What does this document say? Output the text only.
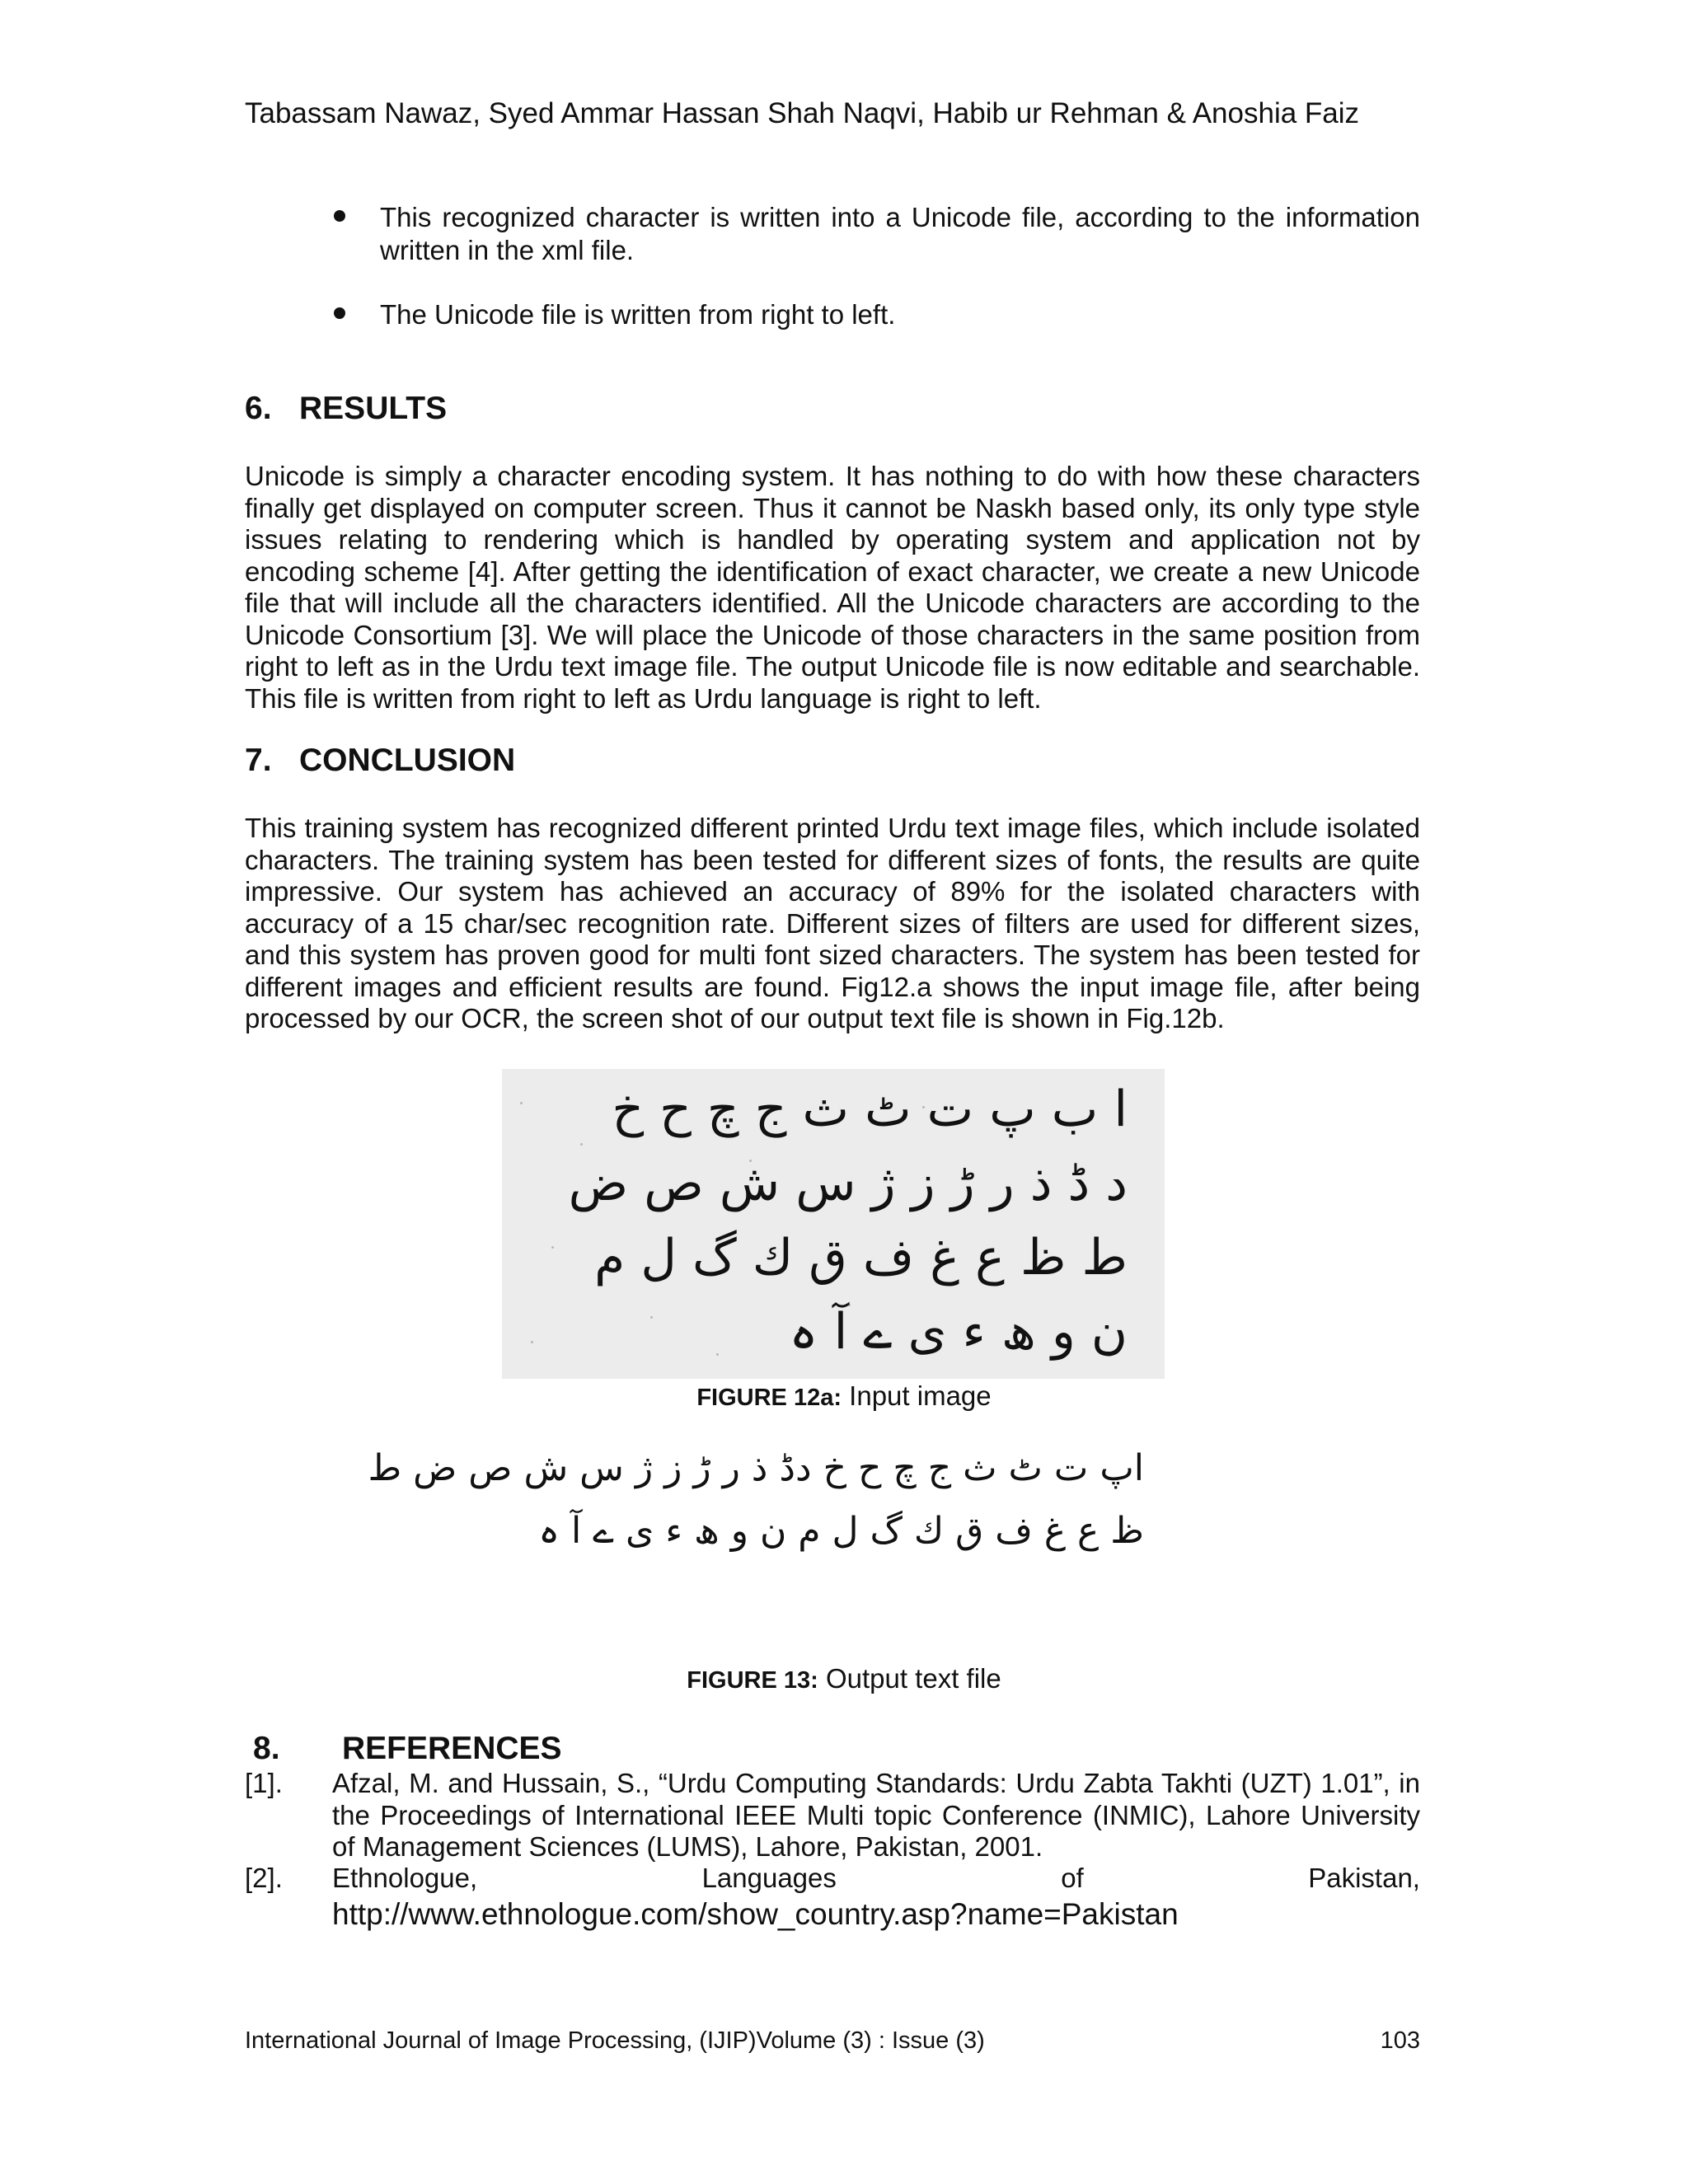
Tabassam Nawaz, Syed Ammar Hassan Shah Naqvi, Habib ur Rehman & Anoshia Faiz
This recognized character is written into a Unicode file, according to the information written in the xml file.
The Unicode file is written from right to left.
6. RESULTS
Unicode is simply a character encoding system. It has nothing to do with how these characters finally get displayed on computer screen. Thus it cannot be Naskh based only, its only type style issues relating to rendering which is handled by operating system and application not by encoding scheme [4]. After getting the identification of exact character, we create a new Unicode file that will include all the characters identified. All the Unicode characters are according to the Unicode Consortium [3]. We will place the Unicode of those characters in the same position from right to left as in the Urdu text image file. The output Unicode file is now editable and searchable. This file is written from right to left as Urdu language is right to left.
7. CONCLUSION
This training system has recognized different printed Urdu text image files, which include isolated characters. The training system has been tested for different sizes of fonts, the results are quite impressive. Our system has achieved an accuracy of 89% for the isolated characters with accuracy of a 15 char/sec recognition rate. Different sizes of filters are used for different sizes, and this system has proven good for multi font sized characters. The system has been tested for different images and efficient results are found. Fig12.a shows the input image file, after being processed by our OCR, the screen shot of our output text file is shown in Fig.12b.
ا ب پ ت ٹ ث ج چ ح خ
د ڈ ذ ر ڑ ز ژ س ش ص ض
ط ظ ع غ ف ق ك گ ل م
ن و ھ ء ی ے آ ہ
FIGURE 12a: Input image
اپ ت ٹ ث ج چ ح خ دڈ ذ ر ڑ ز ژ س ش ص ض ط
ظ ع غ ف ق ك گ ل م ن و ھ ء ی ے آ ہ
FIGURE 13: Output text file
8. REFERENCES
[1]. Afzal, M. and Hussain, S., “Urdu Computing Standards: Urdu Zabta Takhti (UZT) 1.01”, in the Proceedings of International IEEE Multi topic Conference (INMIC), Lahore University of Management Sciences (LUMS), Lahore, Pakistan, 2001.
[2]. Ethnologue,	Languages	of	Pakistan,
http://www.ethnologue.com/show_country.asp?name=Pakistan
International Journal of Image Processing, (IJIP)Volume (3) : Issue (3)	103
